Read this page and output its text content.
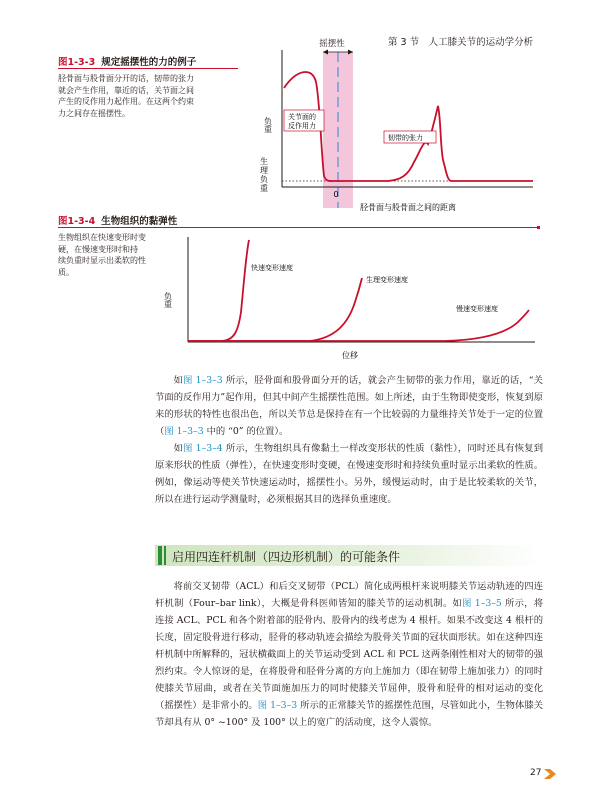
第 3 节　人工膝关节的运动学分析
图1-3-3 规定摇摆性的力的例子
胫骨面与股骨面分开的话，韧带的张力
就会产生作用，靠近的话，关节面之间
产生的反作用力起作用。在这两个约束
力之间存在摇摆性。
摇摆性
负重 关节面的
反作用力
韧带的张力
生
理
负
重
0
胫骨面与股骨面之间的距离
图1-3-4 生物组织的黏弹性
生物组织在快速变形时变
硬，在慢速变形时和持
续负重时显示出柔软的性
质。	快速变形速度
生理变形速度
慢速变形速度
负重
位移

如图 1–3–3 所示，胫骨面和股骨面分开的话，就会产生韧带的张力作用，靠近的话，“关节面的反作用力”起作用，但其中间产生摇摆性范围。如上所述，由于生物即使变形，恢复到原来的形状的特性也很出色，所以关节总是保持在有一个比较弱的力量维持关节处于一定的位置（图 1–3–3 中的 “0” 的位置）。

如图 1–3–4 所示，生物组织具有像黏土一样改变形状的性质（黏性），同时还具有恢复到原来形状的性质（弹性），在快速变形时变硬，在慢速变形时和持续负重时显示出柔软的性质。例如，像运动等使关节快速运动时，摇摆性小。另外，缓慢运动时，由于是比较柔软的关节，所以在进行运动学测量时，必须根据其目的选择负重速度。

启用四连杆机制（四边形机制）的可能条件

将前交叉韧带（ACL）和后交叉韧带（PCL）简化成两根杆来说明膝关节运动轨迹的四连杆机制（Four–bar link），大概是骨科医师皆知的膝关节的运动机制。如图 1–3–5 所示，将连接 ACL、PCL 和各个附着部的胫骨内、股骨内的线考虑为 4 根杆。如果不改变这 4 根杆的长度，固定股骨进行移动，胫骨的移动轨迹会描绘为股骨关节面的冠状面形状。如在这种四连杆机制中所解释的，冠状横截面上的关节运动受到 ACL 和 PCL 这两条刚性相对大的韧带的强烈约束。令人惊讶的是，在将股骨和胫骨分离的方向上施加力（即在韧带上施加张力）的同时使膝关节屈曲，或者在关节面施加压力的同时使膝关节屈伸，股骨和胫骨的相对运动的变化（摇摆性）是非常小的。图 1–3–3 所示的正常膝关节的摇摆性范围，尽管如此小，生物体膝关节却具有从 0° ~100° 及 100° 以上的宽广的活动度，这令人震惊。

27
